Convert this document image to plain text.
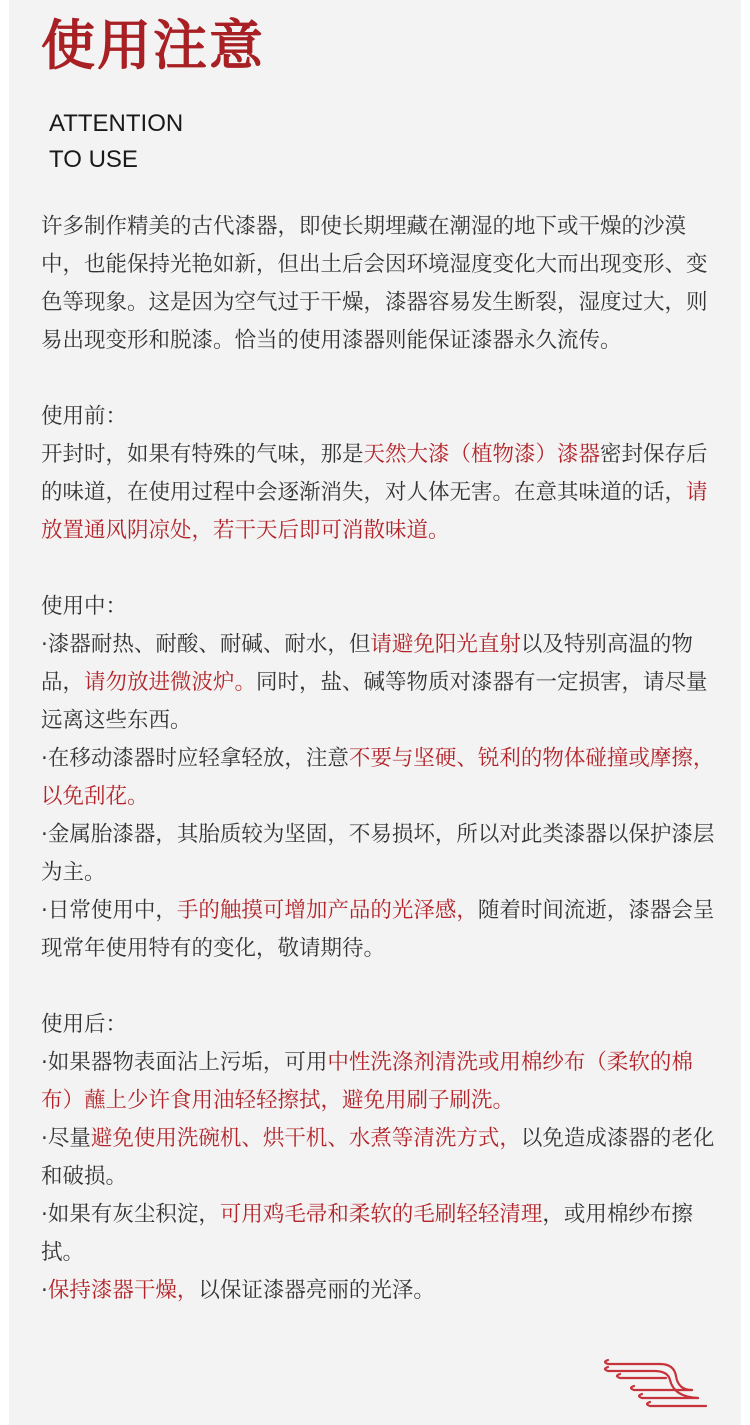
使用注意
ATTENTION
TO USE

许多制作精美的古代漆器，即使长期埋藏在潮湿的地下或干燥的沙漠中，也能保持光艳如新，但出土后会因环境湿度变化大而出现变形、变色等现象。这是因为空气过于干燥，漆器容易发生断裂，湿度过大，则易出现变形和脱漆。恰当的使用漆器则能保证漆器永久流传。

使用前：
开封时，如果有特殊的气味，那是天然大漆（植物漆）漆器密封保存后的味道，在使用过程中会逐渐消失，对人体无害。在意其味道的话，请放置通风阴凉处，若干天后即可消散味道。
使用中：
·漆器耐热、耐酸、耐碱、耐水，但请避免阳光直射以及特别高温的物品，请勿放进微波炉。同时，盐、碱等物质对漆器有一定损害，请尽量远离这些东西。
·在移动漆器时应轻拿轻放，注意不要与坚硬、锐利的物体碰撞或摩擦，以免刮花。
·金属胎漆器，其胎质较为坚固，不易损坏，所以对此类漆器以保护漆层为主。
·日常使用中，手的触摸可增加产品的光泽感，随着时间流逝，漆器会呈现常年使用特有的变化，敬请期待。
使用后：
·如果器物表面沾上污垢，可用中性洗涤剂清洗或用棉纱布（柔软的棉布）蘸上少许食用油轻轻擦拭，避免用刷子刷洗。
·尽量避免使用洗碗机、烘干机、水煮等清洗方式，以免造成漆器的老化和破损。
·如果有灰尘积淀，可用鸡毛帚和柔软的毛刷轻轻清理，或用棉纱布擦拭。
·保持漆器干燥，以保证漆器亮丽的光泽。
